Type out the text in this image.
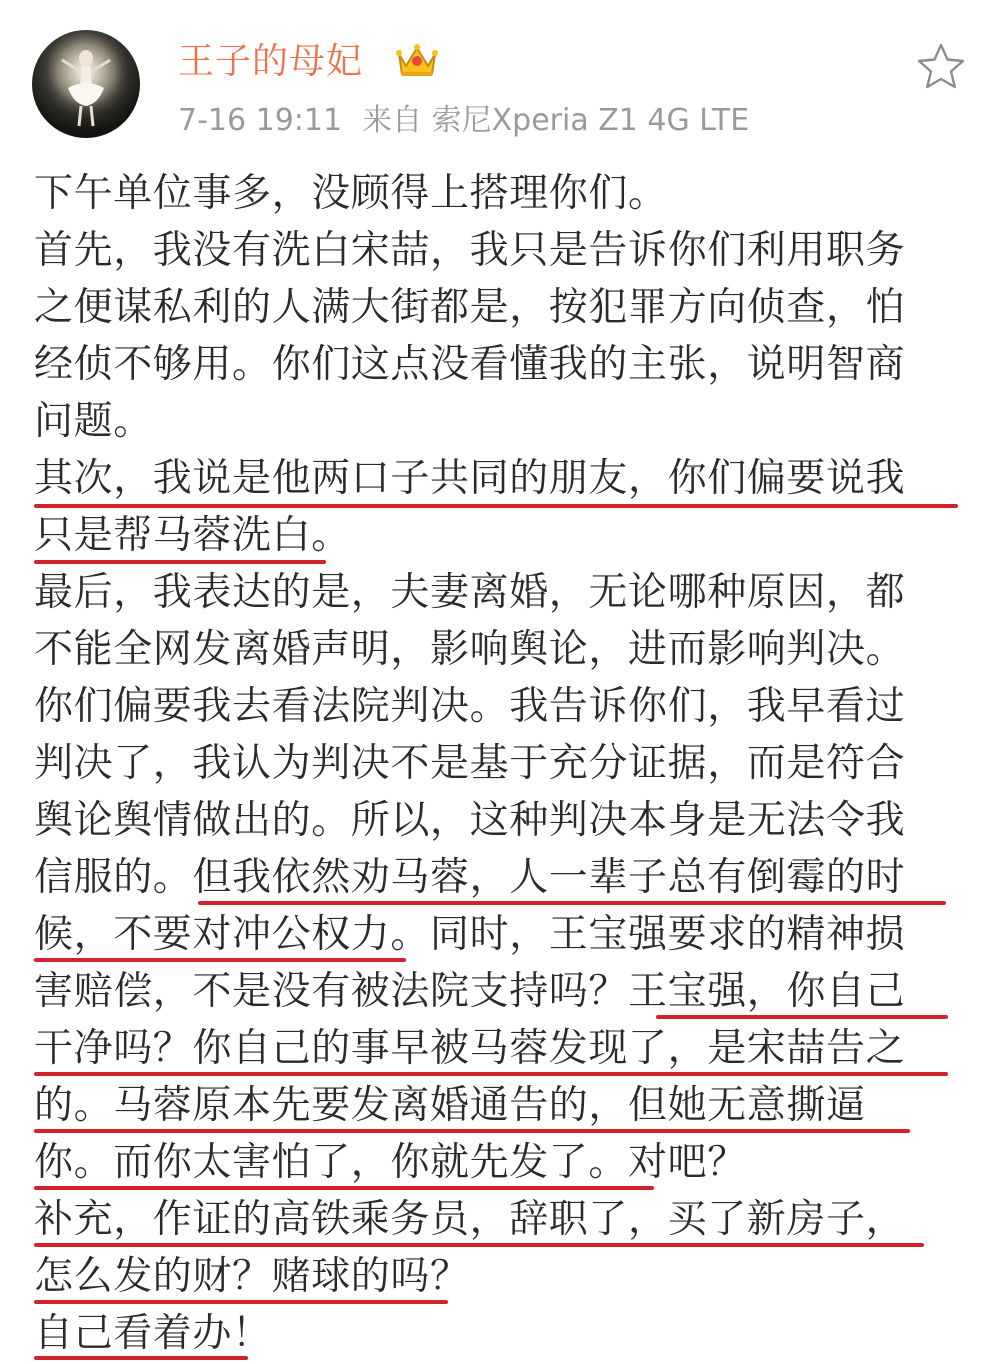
王子的母妃
7-16 19:11 来自 索尼Xperia Z1 4G LTE
下午单位事多，没顾得上搭理你们。
首先，我没有洗白宋喆，我只是告诉你们利用职务
之便谋私利的人满大街都是，按犯罪方向侦查，怕
经侦不够用。你们这点没看懂我的主张，说明智商
问题。
其次，我说是他两口子共同的朋友，你们偏要说我
只是帮马蓉洗白。
最后，我表达的是，夫妻离婚，无论哪种原因，都
不能全网发离婚声明，影响舆论，进而影响判决。
你们偏要我去看法院判决。我告诉你们，我早看过
判决了，我认为判决不是基于充分证据，而是符合
舆论舆情做出的。所以，这种判决本身是无法令我
信服的。但我依然劝马蓉，人一辈子总有倒霉的时
候，不要对冲公权力。同时，王宝强要求的精神损
害赔偿，不是没有被法院支持吗？王宝强，你自己
干净吗？你自己的事早被马蓉发现了，是宋喆告之
的。马蓉原本先要发离婚通告的，但她无意撕逼
你。而你太害怕了，你就先发了。对吧？
补充，作证的高铁乘务员，辞职了，买了新房子，
怎么发的财？赌球的吗？
自己看着办！
